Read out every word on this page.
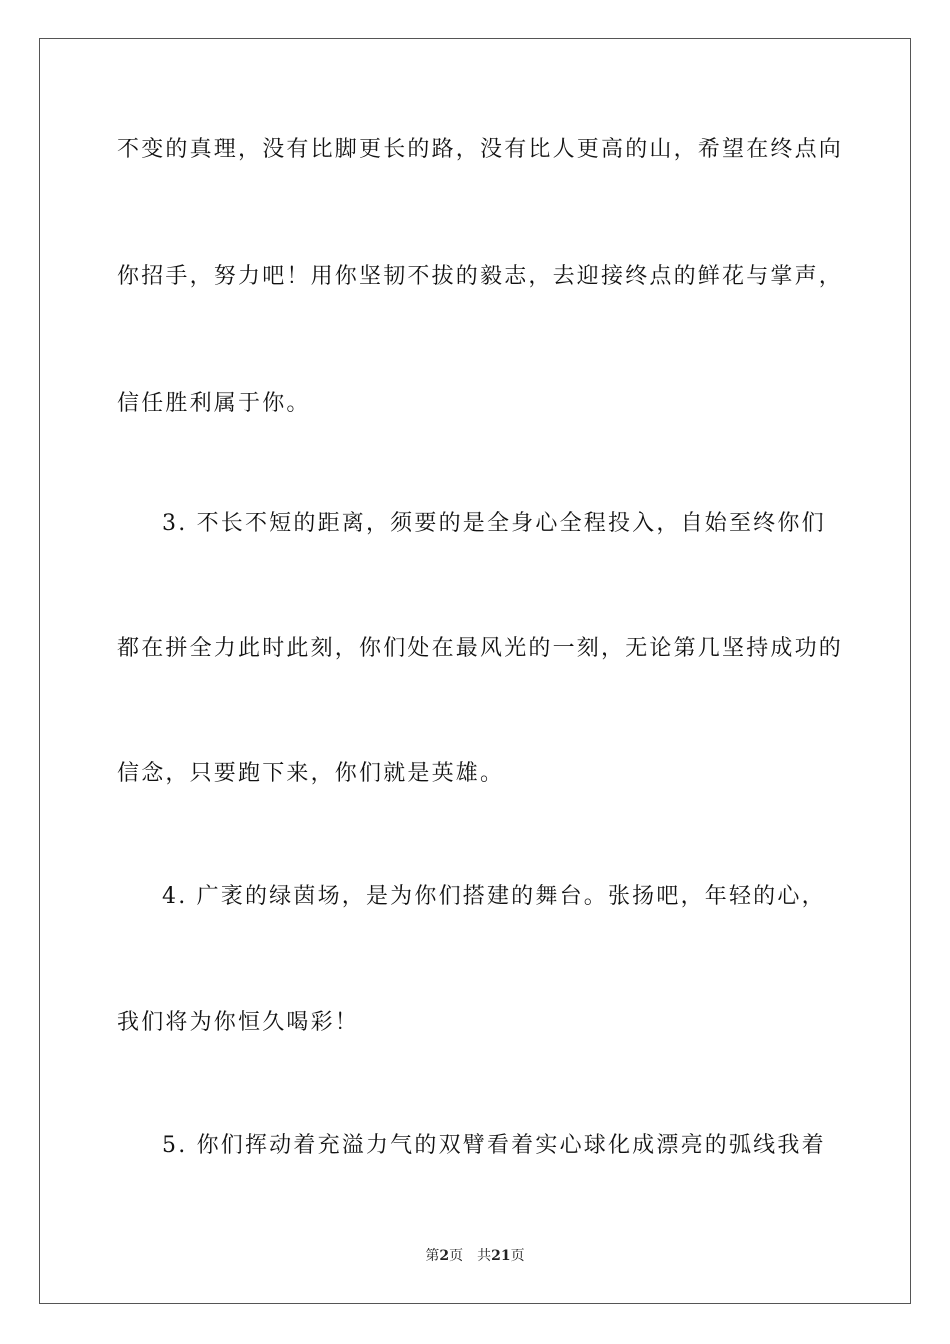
不变的真理，没有比脚更长的路，没有比人更高的山，希望在终点向
你招手，努力吧！用你坚韧不拔的毅志，去迎接终点的鲜花与掌声，
信任胜利属于你。
3. 不长不短的距离，须要的是全身心全程投入，自始至终你们
都在拼全力此时此刻，你们处在最风光的一刻，无论第几坚持成功的
信念，只要跑下来，你们就是英雄。
4. 广袤的绿茵场，是为你们搭建的舞台。张扬吧，年轻的心，
我们将为你恒久喝彩！
5. 你们挥动着充溢力气的双臂看着实心球化成漂亮的弧线我着
第2页 共21页
